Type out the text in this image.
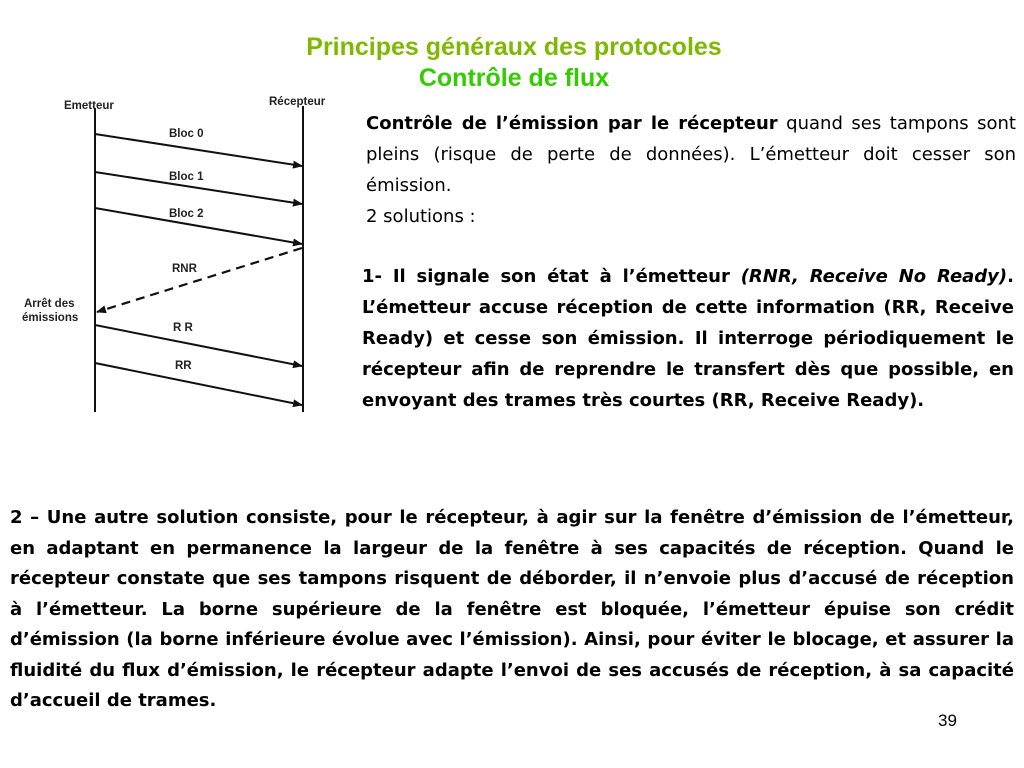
Principes généraux des protocoles
Contrôle de flux
Emetteur	Récepteur
Bloc 0
Bloc 1
Bloc 2
RNR
R R
RR
Arrêt des émissions
Contrôle de l’émission par le récepteur quand ses tampons sont pleins (risque de perte de données). L’émetteur doit cesser son émission.
2 solutions :
1- Il signale son état à l’émetteur (RNR, Receive No Ready). L’émetteur accuse réception de cette information (RR, Receive Ready) et cesse son émission. Il interroge périodiquement le récepteur afin de reprendre le transfert dès que possible, en envoyant des trames très courtes (RR, Receive Ready).
2 – Une autre solution consiste, pour le récepteur, à agir sur la fenêtre d’émission de l’émetteur, en adaptant en permanence la largeur de la fenêtre à ses capacités de réception. Quand le récepteur constate que ses tampons risquent de déborder, il n’envoie plus d’accusé de réception à l’émetteur. La borne supérieure de la fenêtre est bloquée, l’émetteur épuise son crédit d’émission (la borne inférieure évolue avec l’émission). Ainsi, pour éviter le blocage, et assurer la fluidité du flux d’émission, le récepteur adapte l’envoi de ses accusés de réception, à sa capacité d’accueil de trames.
39
